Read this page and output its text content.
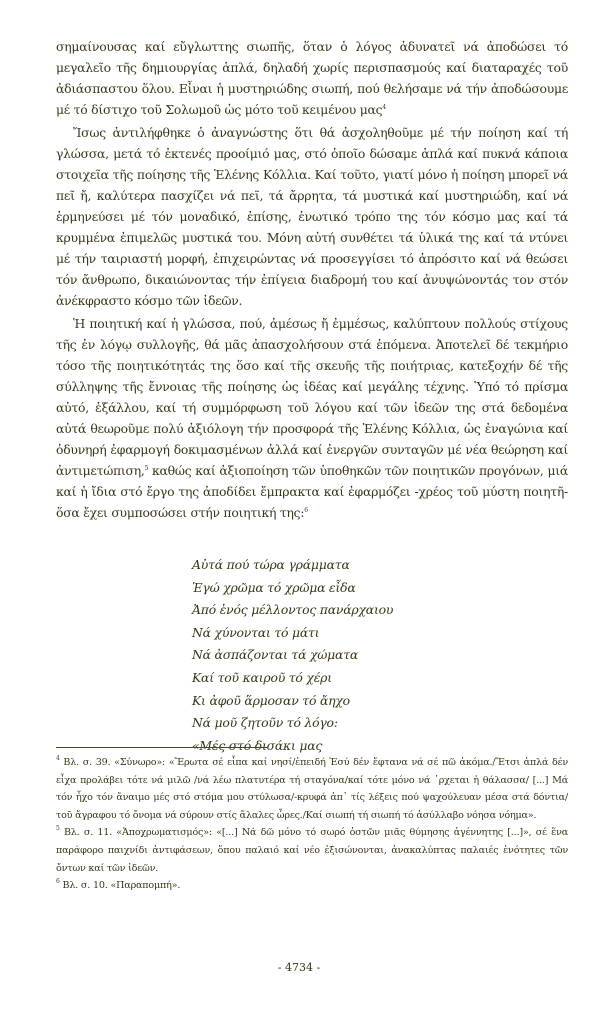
σημαίνουσας καί εὔγλωττης σιωπῆς, ὅταν ὁ λόγος ἀδυνατεῖ νά ἀποδώσει τό μεγαλεῖο τῆς δημιουργίας ἁπλά, δηλαδή χωρίς περισπασμούς καί διαταραχές τοῦ ἀδιάσπαστου ὅλου. Εἶναι ἡ μυστηριώδης σιωπή, πού θελήσαμε νά τήν ἀποδώσουμε μέ τό δίστιχο τοῦ Σολωμοῦ ὡς μότο τοῦ κειμένου μας$^4$

Ἴσως ἀντιλήφθηκε ὁ ἀναγνώστης ὅτι θά ἀσχοληθοῦμε μέ τήν ποίηση καί τή γλώσσα, μετά τό ἐκτενές προοίμιό μας, στό ὁποῖο δώσαμε ἁπλά καί πυκνά κάποια στοιχεῖα τῆς ποίησης τῆς Ἑλένης Κόλλια. Καί τοῦτο, γιατί μόνο ἡ ποίηση μπορεῖ νά πεῖ ἤ, καλύτερα πασχίζει νά πεῖ, τά ἄρρητα, τά μυστικά καί μυστηριώδη, καί νά ἑρμηνεύσει μέ τόν μοναδικό, ἐπίσης, ἑνωτικό τρόπο της τόν κόσμο μας καί τά κρυμμένα ἐπιμελῶς μυστικά του. Μόνη αὐτή συνθέτει τά ὑλικά της καί τά ντύνει μέ τήν ταιριαστή μορφή, ἐπιχειρώντας νά προσεγγίσει τό ἀπρόσιτο καί νά θεώσει τόν ἄνθρωπο, δικαιώνοντας τήν ἐπίγεια διαδρομή του καί ἀνυψώνοντάς τον στόν ἀνέκφραστο κόσμο τῶν ἰδεῶν.

Ἡ ποιητική καί ἡ γλώσσα, πού, ἀμέσως ἤ ἐμμέσως, καλύπτουν πολλούς στίχους τῆς ἐν λόγῳ συλλογῆς, θά μᾶς ἀπασχολήσουν στά ἑπόμενα. Ἀποτελεῖ δέ τεκμήριο τόσο τῆς ποιητικότητάς της ὅσο καί τῆς σκευῆς τῆς ποιήτριας, κατεξοχήν δέ τῆς σύλληψης τῆς ἔννοιας τῆς ποίησης ὡς ἰδέας καί μεγάλης τέχνης. Ὑπό τό πρίσμα αὐτό, ἐξάλλου, καί τή συμμόρφωση τοῦ λόγου καί τῶν ἰδεῶν της στά δεδομένα αὐτά θεωροῦμε πολύ ἀξιόλογη τήν προσφορά τῆς Ἑλένης Κόλλια, ὡς ἐναγώνια καί ὀδυνηρή ἐφαρμογή δοκιμασμένων ἀλλά καί ἐνεργῶν συνταγῶν μέ νέα θεώρηση καί ἀντιμετώπιση,$^5$ καθώς καί ἀξιοποίηση τῶν ὑποθηκῶν τῶν ποιητικῶν προγόνων, μιά καί ἡ ἴδια στό ἔργο της ἀποδίδει ἔμπρακτα καί ἐφαρμόζει -χρέος τοῦ μύστη ποιητῆ- ὅσα ἔχει συμποσώσει στήν ποιητική της:$^6$

Αὐτά πού τώρα γράμματα
Ἐγώ χρῶμα τό χρῶμα εἶδα
Ἀπό ἑνός μέλλοντος πανάρχαιου
Νά χύνονται τό μάτι
Νά ἀσπάζονται τά χώματα
Καί τοῦ καιροῦ τό χέρι
Κι ἀφοῦ ἅρμοσαν τό ἄηχο
Νά μοῦ ζητοῦν τό λόγο:
«Μές στό δισάκι μας

$^4$ Βλ. σ. 39. «Σύνωρο»: «Ἔρωτα σέ εἶπα καί νησί/ἐπειδή Ἐσύ δέν ἔφτανα νά σέ πῶ ἀκόμα./Ἔτσι ἁπλά δέν εἶχα προλάβει τότε νά μιλῶ /νά λέω πλατυτέρα τή σταγόνα/καί τότε μόνο νά ᾽ρχεται ἡ θάλασσα/ [...] Μά τόν ἦχο τόν ἄναιμο μές στό στόμα μου στύλωσα/-κρυφά ἀπ᾽ τίς λέξεις πού ψαχούλευαν μέσα στά δόντια/τοῦ ἄγραφου τό ὄνομα νά σύρουν στίς ἄλαλες ὧρες./Καί σιωπή τή σιωπή τό ἀσύλλαβο νόησα νόημα».

$^5$ Βλ. σ. 11. «Ἀποχρωματισμός»: «[...] Νά δῶ μόνο τό σωρό ὀστῶν μιᾶς θύμησης ἀγέννητης [...]», σέ ἕνα παράφορο παιχνίδι ἀντιφάσεων, ὅπου παλαιό καί νέο ἐξισώνονται, ἀνακαλύπτας παλαιές ἑνότητες τῶν ὄντων καί τῶν ἰδεῶν.

$^6$ Βλ. σ. 10. «Παραπομπή».

- 4734 -
